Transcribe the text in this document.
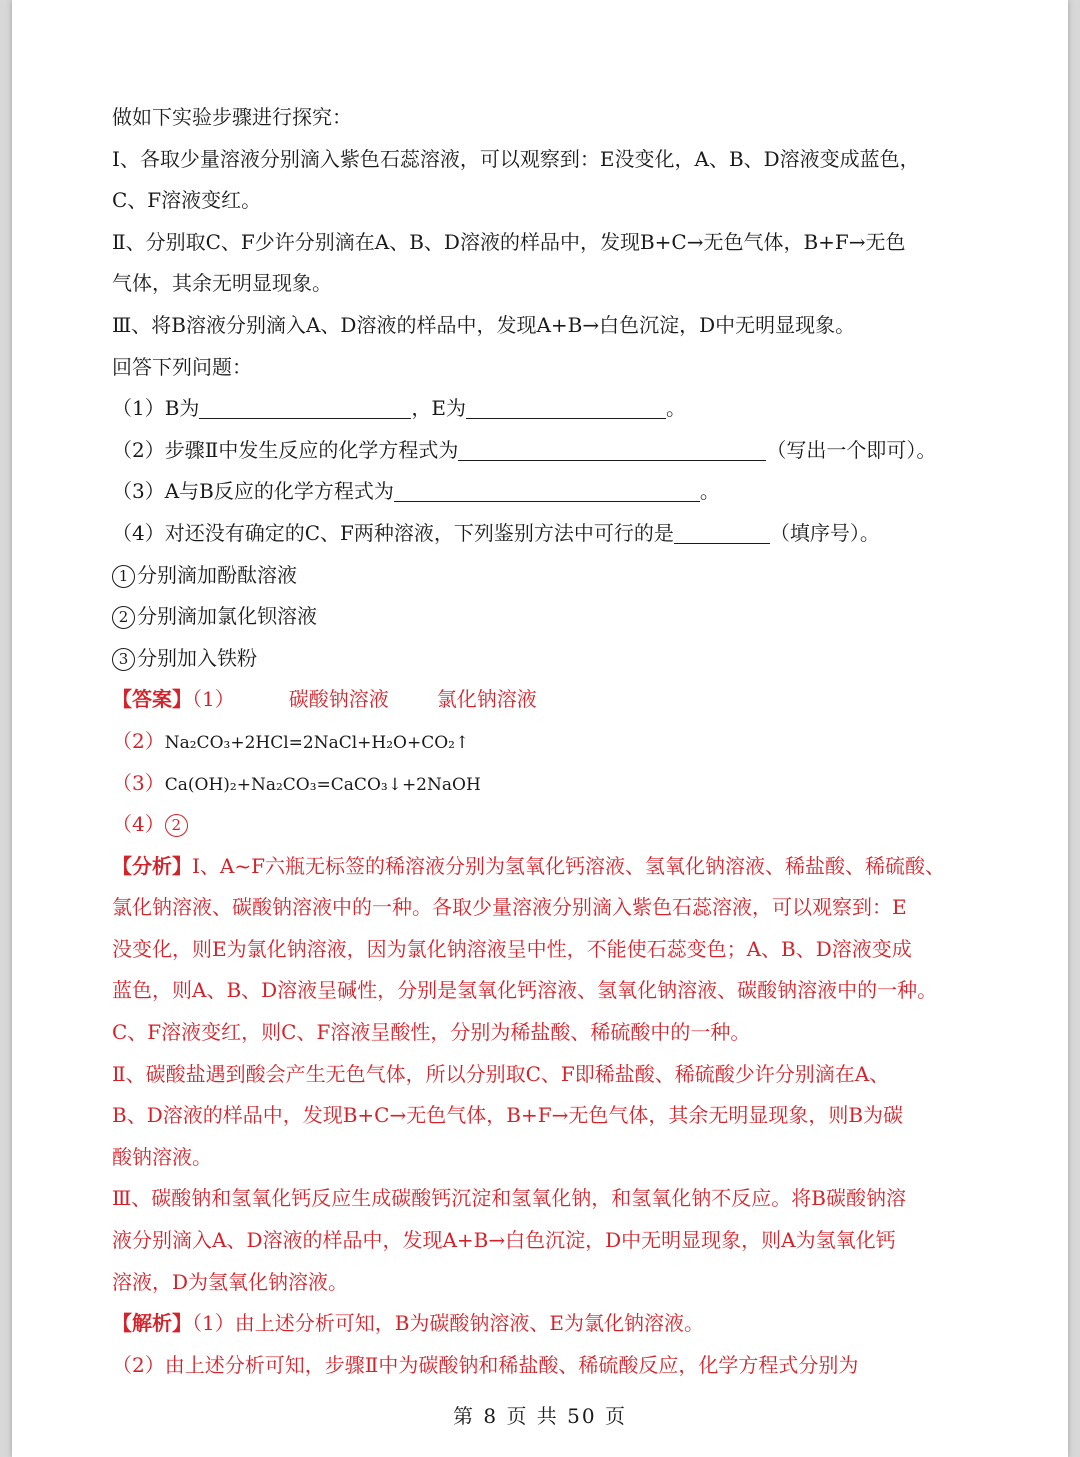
做如下实验步骤进行探究：
I、各取少量溶液分别滴入紫色石蕊溶液，可以观察到：E没变化，A、B、D溶液变成蓝色，
C、F溶液变红。
Ⅱ、分别取C、F少许分别滴在A、B、D溶液的样品中，发现B+C→无色气体，B+F→无色
气体，其余无明显现象。
Ⅲ、将B溶液分别滴入A、D溶液的样品中，发现A+B→白色沉淀，D中无明显现象。
回答下列问题：
（1）B为	，E为	。
（2）步骤Ⅱ中发生反应的化学方程式为	（写出一个即可）。
（3）A与B反应的化学方程式为	。
（4）对还没有确定的C、F两种溶液，下列鉴别方法中可行的是	（填序号）。
1 分别滴加酚酞溶液
2 分别滴加氯化钡溶液
3 分别加入铁粉
【答案】（1）	碳酸钠溶液 氯化钠溶液
（2）Na₂CO₃+2HCl=2NaCl+H₂O+CO₂↑
（3）Ca(OH)₂+Na₂CO₃=CaCO₃↓+2NaOH
（4） 2
【分析】I、A~F六瓶无标签的稀溶液分别为氢氧化钙溶液、氢氧化钠溶液、稀盐酸、稀硫酸、
氯化钠溶液、碳酸钠溶液中的一种。各取少量溶液分别滴入紫色石蕊溶液，可以观察到：E
没变化，则E为氯化钠溶液，因为氯化钠溶液呈中性，不能使石蕊变色；A、B、D溶液变成
蓝色，则A、B、D溶液呈碱性，分别是氢氧化钙溶液、氢氧化钠溶液、碳酸钠溶液中的一种。
C、F溶液变红，则C、F溶液呈酸性，分别为稀盐酸、稀硫酸中的一种。
Ⅱ、碳酸盐遇到酸会产生无色气体，所以分别取C、F即稀盐酸、稀硫酸少许分别滴在A、
B、D溶液的样品中，发现B+C→无色气体，B+F→无色气体，其余无明显现象，则B为碳
酸钠溶液。
Ⅲ、碳酸钠和氢氧化钙反应生成碳酸钙沉淀和氢氧化钠，和氢氧化钠不反应。将B碳酸钠溶
液分别滴入A、D溶液的样品中，发现A+B→白色沉淀，D中无明显现象，则A为氢氧化钙
溶液，D为氢氧化钠溶液。
【解析】（1）由上述分析可知，B为碳酸钠溶液、E为氯化钠溶液。
（2）由上述分析可知，步骤Ⅱ中为碳酸钠和稀盐酸、稀硫酸反应，化学方程式分别为
第 8 页 共 50 页
